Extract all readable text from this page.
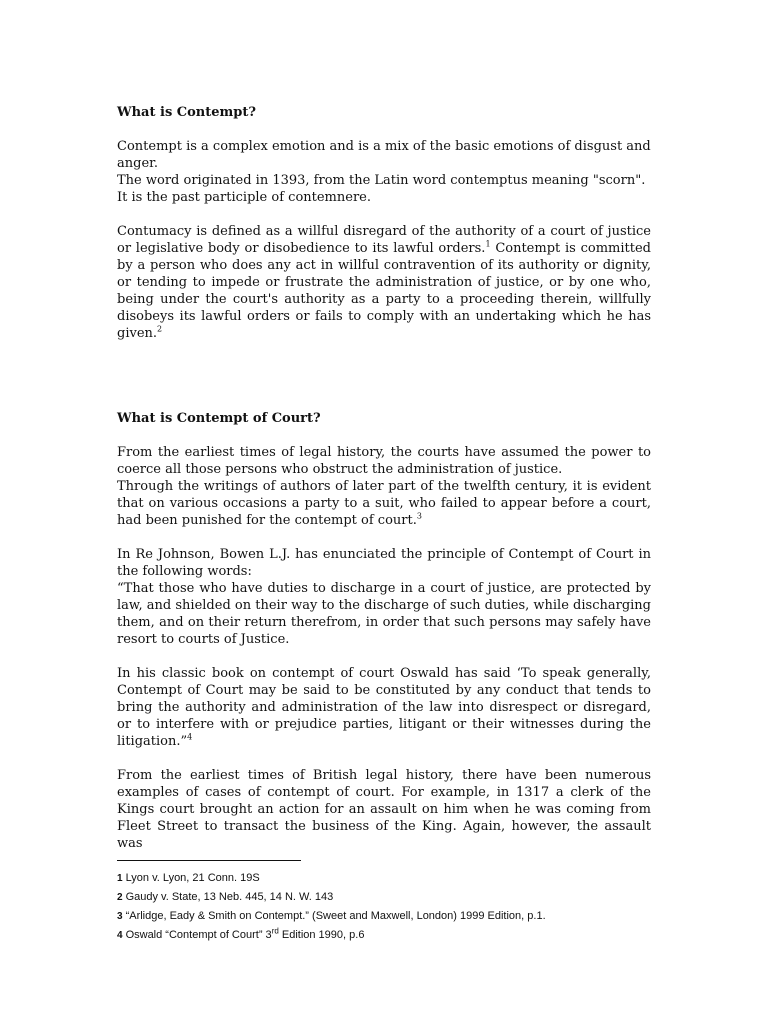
What is Contempt?

Contempt is a complex emotion and is a mix of the basic emotions of disgust and
anger.
The word originated in 1393, from the Latin word contemptus meaning "scorn".
It is the past participle of contemnere.

Contumacy is defined as a willful disregard of the authority of a court of justice or legislative body or disobedience to its lawful orders.$^1$ Contempt is committed by a person who does any act in willful contravention of its authority or dignity, or tending to impede or frustrate the administration of justice, or by one who, being under the court's authority as a party to a proceeding therein, willfully disobeys its lawful orders or fails to comply with an undertaking which he has given.$^2$

What is Contempt of Court?

From the earliest times of legal history, the courts have assumed the power to coerce all those persons who obstruct the administration of justice.
Through the writings of authors of later part of the twelfth century, it is evident that on various occasions a party to a suit, who failed to appear before a court, had been punished for the contempt of court.$^3$

In Re Johnson, Bowen L.J. has enunciated the principle of Contempt of Court in the following words:
“That those who have duties to discharge in a court of justice, are protected by law, and shielded on their way to the discharge of such duties, while discharging them, and on their return therefrom, in order that such persons may safely have resort to courts of Justice.

In his classic book on contempt of court Oswald has said ‘To speak generally, Contempt of Court may be said to be constituted by any conduct that tends to bring the authority and administration of the law into disrespect or disregard, or to interfere with or prejudice parties, litigant or their witnesses during the litigation.”$^4$

From the earliest times of British legal history, there have been numerous examples of cases of contempt of court. For example, in 1317 a clerk of the Kings court brought an action for an assault on him when he was coming from Fleet Street to transact the business of the King. Again, however, the assault was

1 Lyon v. Lyon, 21 Conn. 19S
2 Gaudy v. State, 13 Neb. 445, 14 N. W. 143
3 “Arlidge, Eady & Smith on Contempt.” (Sweet and Maxwell, London) 1999 Edition, p.1.
4 Oswald “Contempt of Court” 3rd Edition 1990, p.6
